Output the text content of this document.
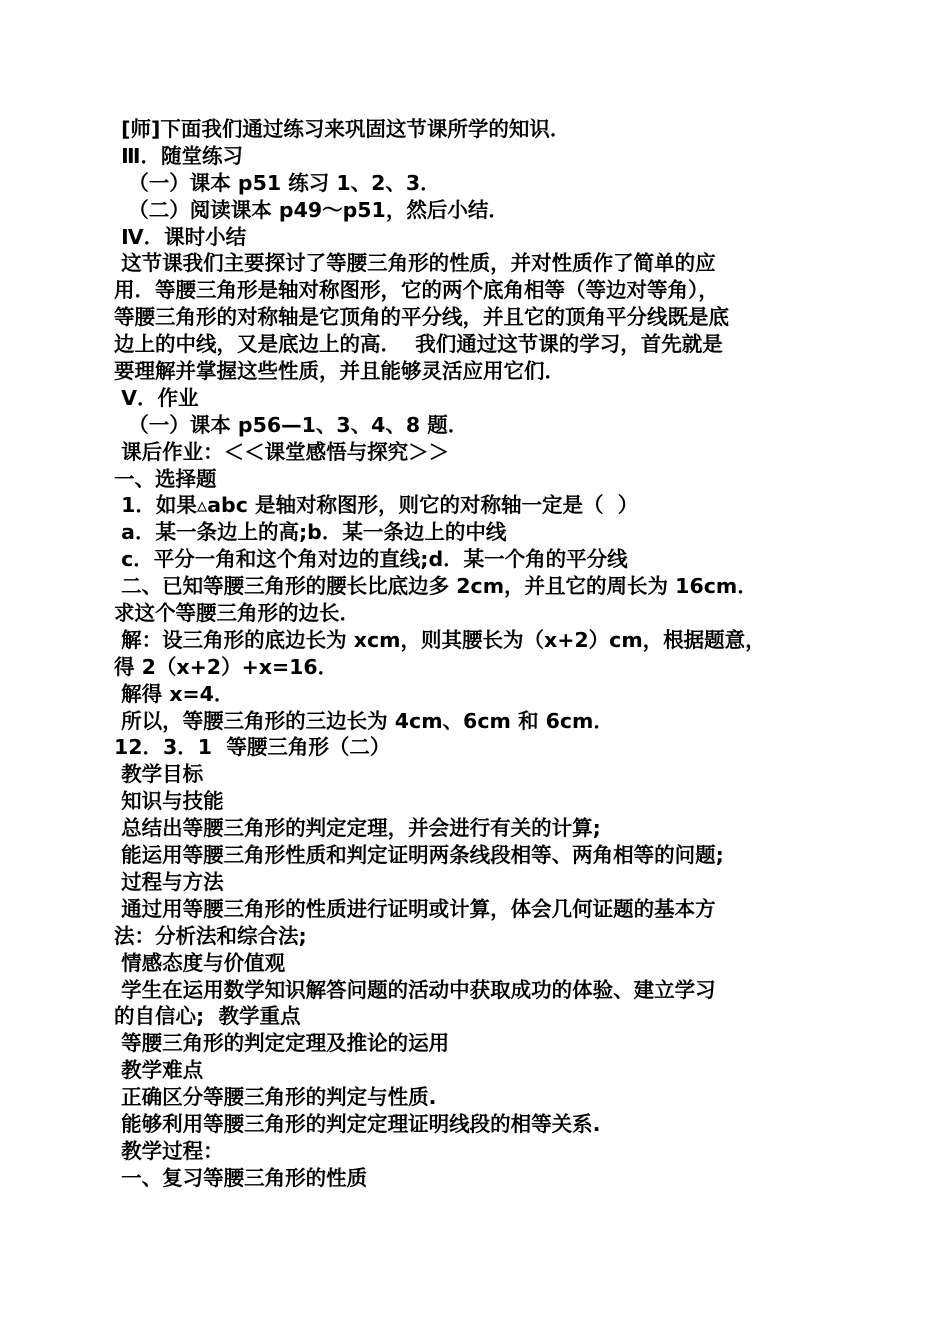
[师]下面我们通过练习来巩固这节课所学的知识．
Ⅲ．随堂练习
（一）课本 p51 练习 1、2、3．
（二）阅读课本 p49～p51，然后小结．
Ⅳ．课时小结
这节课我们主要探讨了等腰三角形的性质，并对性质作了简单的应
用．等腰三角形是轴对称图形，它的两个底角相等（等边对等角），
等腰三角形的对称轴是它顶角的平分线，并且它的顶角平分线既是底
边上的中线，又是底边上的高．  我们通过这节课的学习，首先就是
要理解并掌握这些性质，并且能够灵活应用它们．
Ⅴ．作业
（一）课本 p56—1、3、4、8 题．
课后作业：＜＜课堂感悟与探究＞＞
一、选择题
1．如果▵abc 是轴对称图形，则它的对称轴一定是（  ）
a．某一条边上的高;b．某一条边上的中线
c．平分一角和这个角对边的直线;d．某一个角的平分线
二、已知等腰三角形的腰长比底边多 2cm，并且它的周长为 16cm．
求这个等腰三角形的边长．
解：设三角形的底边长为 xcm，则其腰长为（x+2）cm，根据题意，
得 2（x+2）+x=16．
解得 x=4．
所以，等腰三角形的三边长为 4cm、6cm 和 6cm．
12．3．1  等腰三角形（二）
教学目标
知识与技能
总结出等腰三角形的判定定理，并会进行有关的计算;
能运用等腰三角形性质和判定证明两条线段相等、两角相等的问题;
过程与方法
通过用等腰三角形的性质进行证明或计算，体会几何证题的基本方
法：分析法和综合法;
情感态度与价值观
学生在运用数学知识解答问题的活动中获取成功的体验、建立学习
的自信心;  教学重点
等腰三角形的判定定理及推论的运用
教学难点
正确区分等腰三角形的判定与性质.
能够利用等腰三角形的判定定理证明线段的相等关系.
教学过程：
一、复习等腰三角形的性质
